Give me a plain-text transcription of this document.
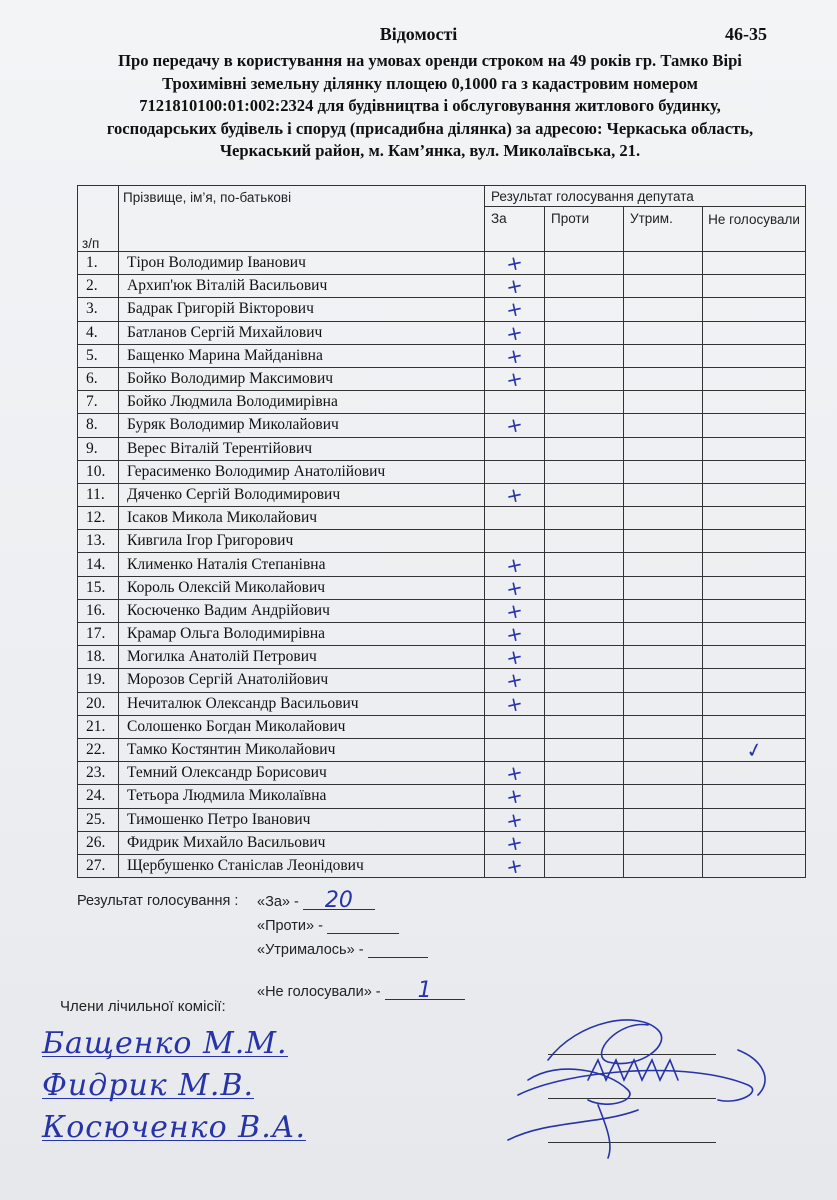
Відомості	46-35
Про передачу в користування на умовах оренди строком на 49 років гр. Тамко Вірі Трохимівні земельну ділянку площею 0,1000 га з кадастровим номером 7121810100:01:002:2324 для будівництва і обслуговування житлового будинку, господарських будівель і споруд (присадибна ділянка) за адресою: Черкаська область, Черкаський район, м. Кам’янка, вул. Миколаївська, 21.
з/п	Прізвище, ім’я, по-батькові	Результат голосування депутата			
		За	Проти	Утрим.	Не голосували
1.	Тірон Володимир Іванович	+			
2.	Архип'юк Віталій Васильович	+			
3.	Бадрак Григорій Вікторович	+			
4.	Батланов Сергій Михайлович	+			
5.	Бащенко Марина Майданівна	+			
6.	Бойко Володимир Максимович	+			
7.	Бойко Людмила Володимирівна				
8.	Буряк Володимир Миколайович	+			
9.	Верес Віталій Терентійович				
10.	Герасименко Володимир Анатолійович				
11.	Дяченко Сергій Володимирович	+			
12.	Ісаков Микола Миколайович				
13.	Кивгила Ігор Григорович				
14.	Клименко Наталія Степанівна	+			
15.	Король Олексій Миколайович	+			
16.	Косюченко Вадим Андрійович	+			
17.	Крамар Ольга Володимирівна	+			
18.	Могилка Анатолій Петрович	+			
19.	Морозов Сергій Анатолійович	+			
20.	Нечиталюк Олександр Васильович	+			
21.	Солошенко Богдан Миколайович				
22.	Тамко Костянтин Миколайович				✓
23.	Темний Олександр Борисович	+			
24.	Тетьора Людмила Миколаївна	+			
25.	Тимошенко Петро Іванович	+			
26.	Фидрик Михайло Васильович	+			
27.	Щербушенко Станіслав Леонідович	+			
Результат голосування : «За» -	20
«Проти» -
«Утрималось» -
«Не голосували» -	1
Члени лічильної комісії:
Бащенко М.М.
Фидрик М.В.
Косюченко В.А.
